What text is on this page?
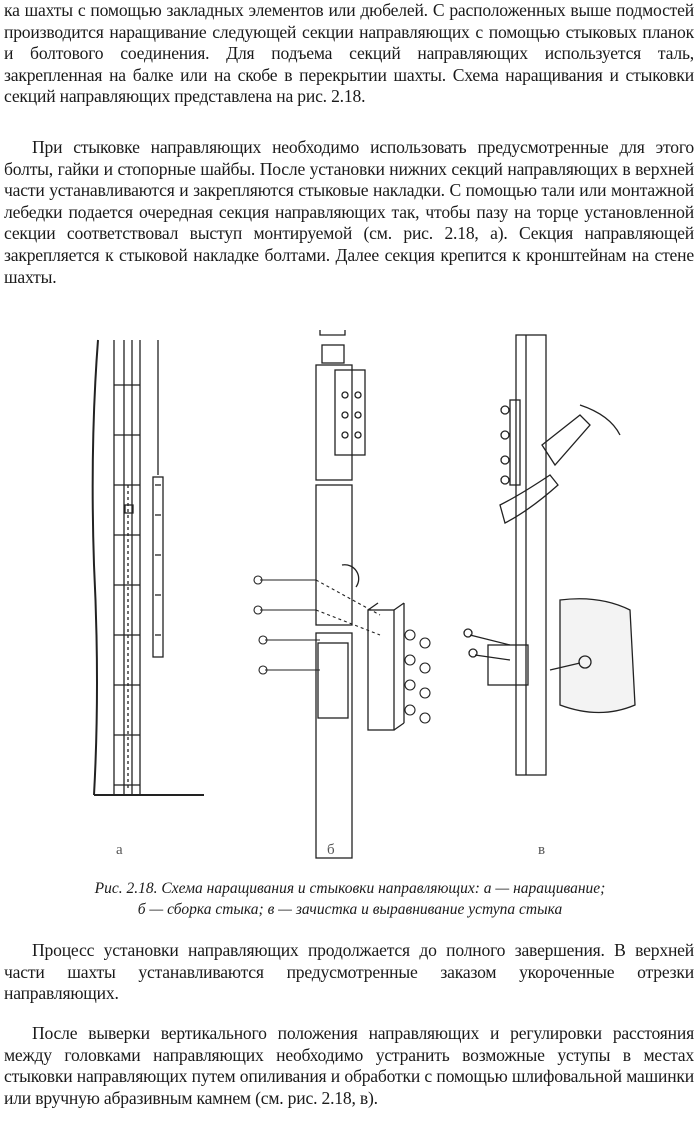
ка шахты с помощью закладных элементов или дюбелей. С расположенных выше подмостей производится наращивание следующей секции направляющих с помощью стыковых планок и болтового соединения. Для подъема секций направляющих используется таль, закрепленная на балке или на скобе в перекрытии шахты. Схема наращивания и стыковки секций направляющих представлена на рис. 2.18.

При стыковке направляющих необходимо использовать предусмотренные для этого болты, гайки и стопорные шайбы. После установки нижних секций направляющих в верхней части устанавливаются и закрепляются стыковые накладки. С помощью тали или монтажной лебедки подается очередная секция направляющих так, чтобы пазу на торце установленной секции соответствовал выступ монтируемой (см. рис. 2.18, а). Секция направляющей закрепляется к стыковой накладке болтами. Далее секция крепится к кронштейнам на стене шахты.

а	б	в

Рис. 2.18. Схема наращивания и стыковки направляющих: а — наращивание;
б — сборка стыка; в — зачистка и выравнивание уступа стыка

Процесс установки направляющих продолжается до полного завершения. В верхней части шахты устанавливаются предусмотренные заказом укороченные отрезки направляющих.

После выверки вертикального положения направляющих и регулировки расстояния между головками направляющих необходимо устранить возможные уступы в местах стыковки направляющих путем опиливания и обработки с помощью шлифовальной машинки или вручную абразивным камнем (см. рис. 2.18, в).
